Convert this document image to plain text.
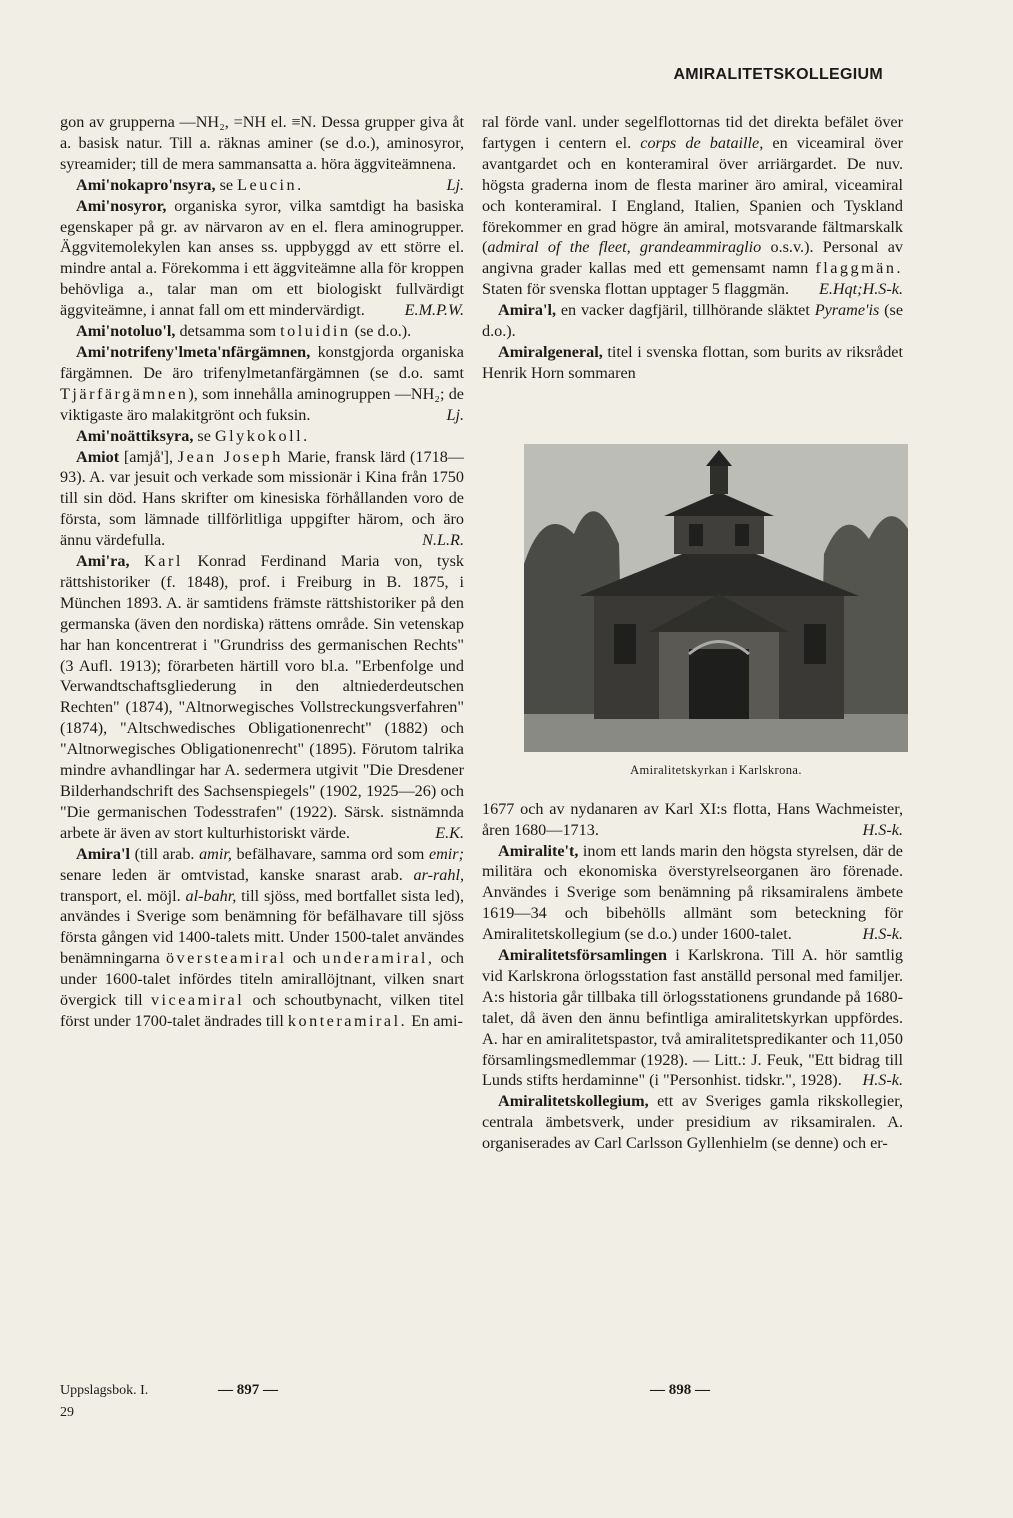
AMIRALITETSKOLLEGIUM

gon av grupperna —NH₂, =NH el. ≡N. Dessa grupper giva åt a. basisk natur. Till a. räknas aminer (se d.o.), aminosyror, syreamider; till de mera sammansatta a. höra äggviteämnena.
Lj.

Ami'nokapro'nsyra, se Leucin.

Ami'nosyror, organiska syror, vilka samtdigt ha basiska egenskaper på gr. av närvaron av en el. flera aminogrupper. Äggvitemolekylen kan anses ss. uppbyggd av ett större el. mindre antal a. Förekomma i ett äggviteämne alla för kroppen behövliga a., talar man om ett biologiskt fullvärdigt äggviteämne, i annat fall om ett mindervärdigt.	E.M.P.W.

Ami'notoluo'l, detsamma som toluidin (se d.o.).

Ami'notrifeny'lmeta'nfärgämnen, konstgjorda organiska färgämnen. De äro trifenylmetanfärgämnen (se d.o. samt Tjärfärgämnen), som innehålla aminogruppen —NH₂; de viktigaste äro malakitgrönt och fuksin.	Lj.

Ami'noättiksyra, se Glykokoll.

Amiot [amjå'], Jean Joseph Marie, fransk lärd (1718—93). A. var jesuit och verkade som missionär i Kina från 1750 till sin död. Hans skrifter om kinesiska förhållanden voro de första, som lämnade tillförlitliga uppgifter härom, och äro ännu värdefulla.	N.L.R.

Ami'ra, Karl Konrad Ferdinand Maria von, tysk rättshistoriker (f. 1848), prof. i Freiburg in B. 1875, i München 1893. A. är samtidens främste rättshistoriker på den germanska (även den nordiska) rättens område. Sin vetenskap har han koncentrerat i "Grundriss des germanischen Rechts" (3 Aufl. 1913); förarbeten härtill voro bl.a. "Erbenfolge und Verwandtschaftsgliederung in den altniederdeutschen Rechten" (1874), "Altnorwegisches Vollstreckungsverfahren" (1874), "Altschwedisches Obligationenrecht" (1882) och "Altnorwegisches Obligationenrecht" (1895). Förutom talrika mindre avhandlingar har A. sedermera utgivit "Die Dresdener Bilderhandschrift des Sachsenspiegels" (1902, 1925—26) och "Die germanischen Todesstrafen" (1922). Särsk. sistnämnda arbete är även av stort kulturhistoriskt värde.	E.K.

Amira'l (till arab. amir, befälhavare, samma ord som emir; senare leden är omtvistad, kanske snarast arab. ar-rahl, transport, el. möjl. al-bahr, till sjöss, med bortfallet sista led), användes i Sverige som benämning för befälhavare till sjöss första gången vid 1400-talets mitt. Under 1500-talet användes benämningarna översteamiral och underamiral, och under 1600-talet infördes titeln amirallöjtnant, vilken snart övergick till viceamiral och schoutbynacht, vilken titel först under 1700-talet ändrades till konteramiral. En ami-

ral förde vanl. under segelflottornas tid det direkta befälet över fartygen i centern el. corps de bataille, en viceamiral över avantgardet och en konteramiral över arriärgardet. De nuv. högsta graderna inom de flesta mariner äro amiral, viceamiral och konteramiral. I England, Italien, Spanien och Tyskland förekommer en grad högre än amiral, motsvarande fältmarskalk (admiral of the fleet, grandeammiraglio o.s.v.). Personal av angivna grader kallas med ett gemensamt namn flaggmän. Staten för svenska flottan upptager 5 flaggmän. E.Hqt;H.S-k.

Amira'l, en vacker dagfjäril, tillhörande släktet Pyrame'is (se d.o.).

Amiralgeneral, titel i svenska flottan, som burits av riksrådet Henrik Horn sommaren

Amiralitetskyrkan i Karlskrona.

1677 och av nydanaren av Karl XI:s flotta, Hans Wachmeister, åren 1680—1713.	H.S-k.

Amiralite't, inom ett lands marin den högsta styrelsen, där de militära och ekonomiska överstyrelseorganen äro förenade. Användes i Sverige som benämning på riksamiralens ämbete 1619—34 och bibehölls allmänt som beteckning för Amiralitetskollegium (se d.o.) under 1600-talet.	H.S-k.

Amiralitetsförsamlingen i Karlskrona. Till A. hör samtlig vid Karlskrona örlogsstation fast anställd personal med familjer. A:s historia går tillbaka till örlogsstationens grundande på 1680-talet, då även den ännu befintliga amiralitetskyrkan uppfördes. A. har en amiralitetspastor, två amiralitetspredikanter och 11,050 församlingsmedlemmar (1928). — Litt.: J. Feuk, "Ett bidrag till Lunds stifts herdaminne" (i "Personhist. tidskr.", 1928).	H.S-k.

Amiralitetskollegium, ett av Sveriges gamla rikskollegier, centrala ämbetsverk, under presidium av riksamiralen. A. organiserades av Carl Carlsson Gyllenhielm (se denne) och er-

Uppslagsbok. I.
29
— 897 —	— 898 —
